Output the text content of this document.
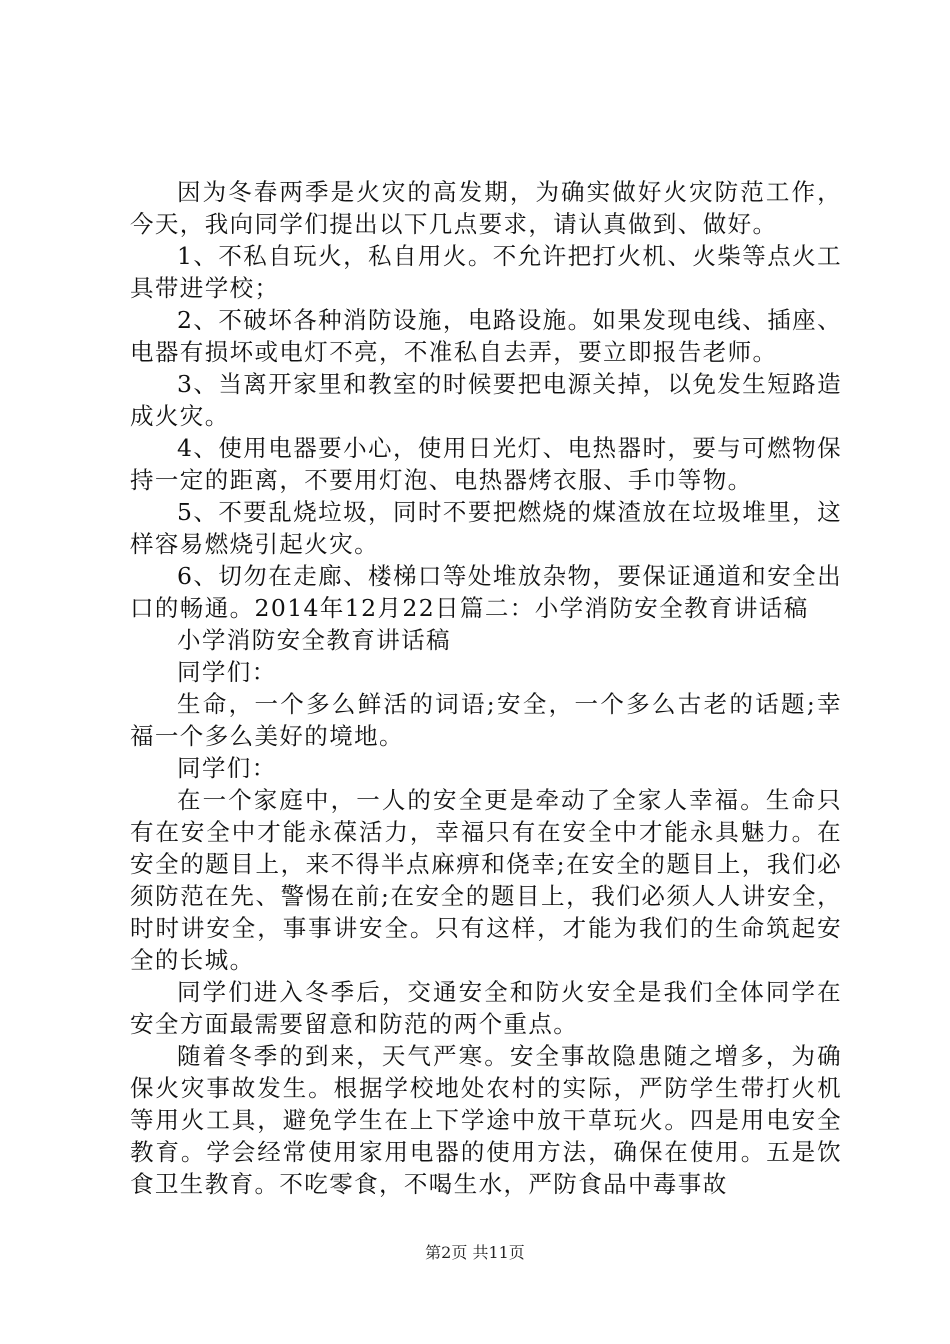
因为冬春两季是火灾的高发期，为确实做好火灾防范工作，今天，我向同学们提出以下几点要求，请认真做到、做好。

1、不私自玩火，私自用火。不允许把打火机、火柴等点火工具带进学校；

2、不破坏各种消防设施，电路设施。如果发现电线、插座、电器有损坏或电灯不亮，不准私自去弄，要立即报告老师。

3、当离开家里和教室的时候要把电源关掉，以免发生短路造成火灾。

4、使用电器要小心，使用日光灯、电热器时，要与可燃物保持一定的距离，不要用灯泡、电热器烤衣服、手巾等物。

5、不要乱烧垃圾，同时不要把燃烧的煤渣放在垃圾堆里，这样容易燃烧引起火灾。

6、切勿在走廊、楼梯口等处堆放杂物，要保证通道和安全出口的畅通。2014年12月22日篇二：小学消防安全教育讲话稿

小学消防安全教育讲话稿

同学们：

生命，一个多么鲜活的词语;安全，一个多么古老的话题;幸福一个多么美好的境地。

同学们：

在一个家庭中，一人的安全更是牵动了全家人幸福。生命只有在安全中才能永葆活力，幸福只有在安全中才能永具魅力。在安全的题目上，来不得半点麻痹和侥幸;在安全的题目上，我们必须防范在先、警惕在前;在安全的题目上，我们必须人人讲安全，时时讲安全，事事讲安全。只有这样，才能为我们的生命筑起安全的长城。

同学们进入冬季后，交通安全和防火安全是我们全体同学在安全方面最需要留意和防范的两个重点。

随着冬季的到来，天气严寒。安全事故隐患随之增多，为确保火灾事故发生。根据学校地处农村的实际，严防学生带打火机等用火工具，避免学生在上下学途中放干草玩火。四是用电安全教育。学会经常使用家用电器的使用方法，确保在使用。五是饮食卫生教育。不吃零食，不喝生水，严防食品中毒事故

第2页 共11页
